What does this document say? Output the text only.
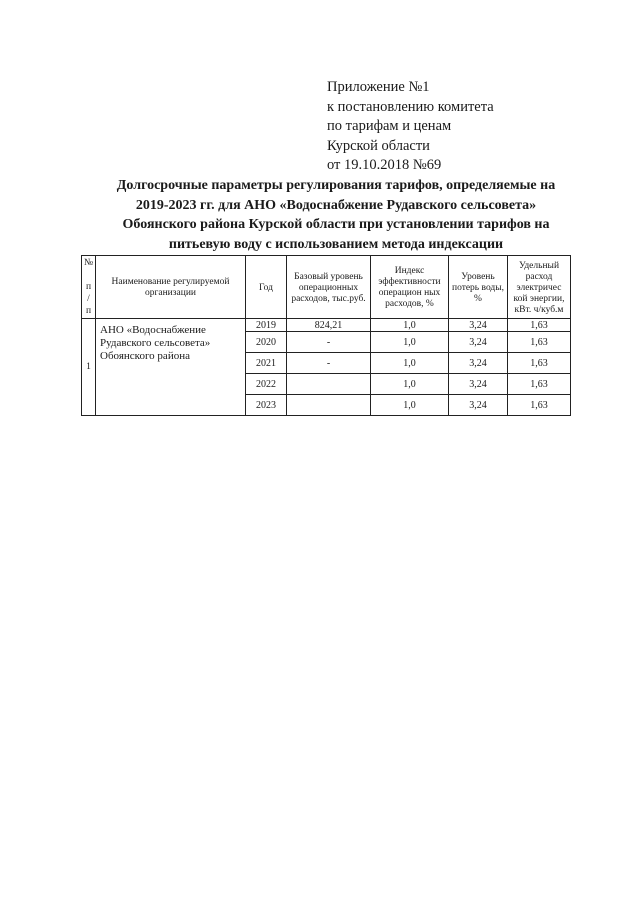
Приложение №1
к постановлению комитета
по тарифам и ценам
Курской области
от 19.10.2018 №69
Долгосрочные параметры регулирования тарифов, определяемые на
2019-2023 гг. для АНО «Водоснабжение Рудавского сельсовета»
Обоянского района Курской области при установлении тарифов на
питьевую воду с использованием метода индексации
№
п
/
п	Наименование регулируемой организации	Год	Базовый уровень операционных расходов, тыс.руб.	Индекс эффективности операцион ных расходов, %	Уровень потерь воды, %	Удельный расход электричес кой энергии, кВт. ч/куб.м
1	АНО «Водоснабжение Рудавского сельсовета» Обоянского района	2019	824,21	1,0	3,24	1,63
		2020	-	1,0	3,24	1,63
		2021	-	1,0	3,24	1,63
		2022		1,0	3,24	1,63
		2023		1,0	3,24	1,63
